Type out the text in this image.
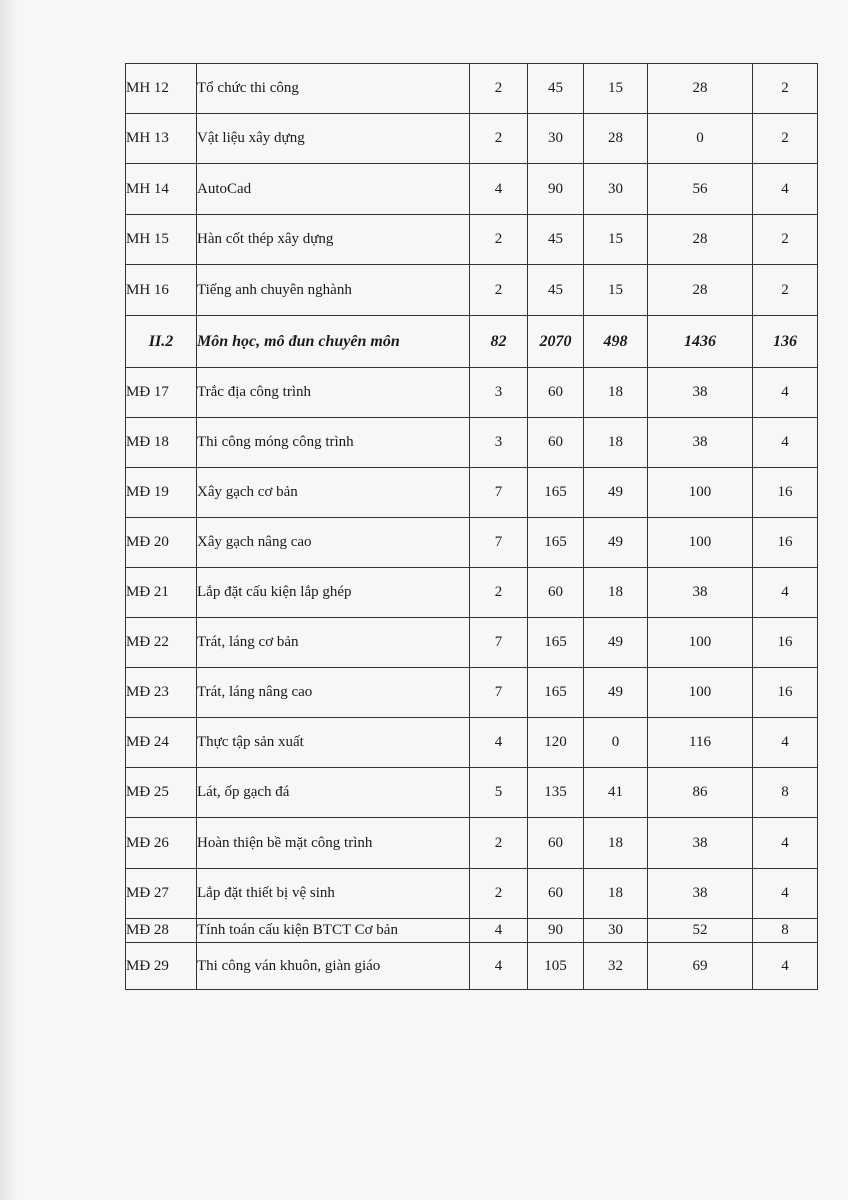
MH 12	Tổ chức thi công	2	45	15	28	2
MH 13	Vật liệu xây dựng	2	30	28	0	2
MH 14	AutoCad	4	90	30	56	4
MH 15	Hàn cốt thép xây dựng	2	45	15	28	2
MH 16	Tiếng anh chuyên nghành	2	45	15	28	2
II.2	Môn học, mô đun chuyên môn	82	2070	498	1436	136
MĐ 17	Trắc địa công trình	3	60	18	38	4
MĐ 18	Thi công móng công trình	3	60	18	38	4
MĐ 19	Xây gạch cơ bản	7	165	49	100	16
MĐ 20	Xây gạch nâng cao	7	165	49	100	16
MĐ 21	Lắp đặt cấu kiện lắp ghép	2	60	18	38	4
MĐ 22	Trát, láng cơ bản	7	165	49	100	16
MĐ 23	Trát, láng nâng cao	7	165	49	100	16
MĐ 24	Thực tập sản xuất	4	120	0	116	4
MĐ 25	Lát, ốp gạch đá	5	135	41	86	8
MĐ 26	Hoàn thiện bề mặt công trình	2	60	18	38	4
MĐ 27	Lắp đặt thiết bị vệ sinh	2	60	18	38	4
MĐ 28	Tính toán cấu kiện BTCT Cơ bản	4	90	30	52	8
MĐ 29	Thi công ván khuôn, giàn giáo	4	105	32	69	4
